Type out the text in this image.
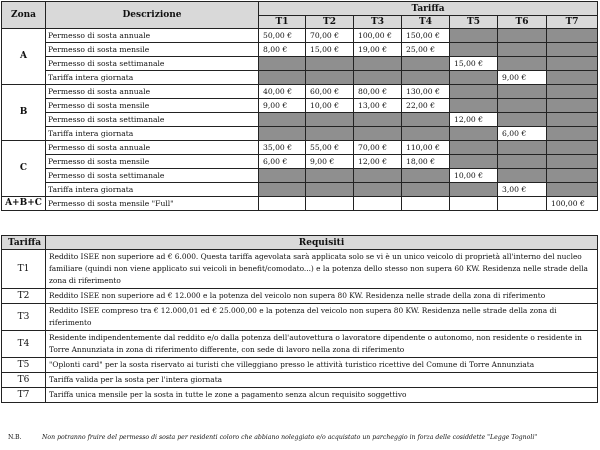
Zona	Descrizione	Tariffa						
		T1	T2	T3	T4	T5	T6	T7
A	Permesso di sosta annuale	50,00 €	70,00 €	100,00 €	150,00 €			
	Permesso di sosta mensile	8,00 €	15,00 €	19,00 €	25,00 €			
	Permesso di sosta settimanale					15,00 €		
	Tariffa intera giornata						9,00 €	
B	Permesso di sosta annuale	40,00 €	60,00 €	80,00 €	130,00 €			
	Permesso di sosta mensile	9,00 €	10,00 €	13,00 €	22,00 €			
	Permesso di sosta settimanale					12,00 €		
	Tariffa intera giornata						6,00 €	
C	Permesso di sosta annuale	35,00 €	55,00 €	70,00 €	110,00 €			
	Permesso di sosta mensile	6,00 €	9,00 €	12,00 €	18,00 €			
	Permesso di sosta settimanale					10,00 €		
	Tariffa intera giornata						3,00 €	
A+B+C	Permesso di sosta mensile "Full"							100,00 €

Tariffa	Requisiti
T1	Reddito ISEE non superiore ad € 6.000. Questa tariffa agevolata sarà applicata solo se vi è un unico veicolo di proprietà all'interno del nucleo familiare (quindi non viene applicato sui veicoli in benefit/comodato...) e la potenza dello stesso non supera 60 KW. Residenza nelle strade della zona di riferimento
T2	Reddito ISEE non superiore ad € 12.000 e la potenza del veicolo non supera 80 KW. Residenza nelle strade della zona di riferimento
T3	Reddito ISEE compreso tra € 12.000,01 ed € 25.000,00 e la potenza del veicolo non supera 80 KW. Residenza nelle strade della zona di riferimento
T4	Residente indipendentemente dal reddito e/o dalla potenza dell'autovettura o lavoratore dipendente o autonomo, non residente o residente in Torre Annunziata in zona di riferimento differente, con sede di lavoro nella zona di riferimento
T5	"Oplonti card" per la sosta riservato ai turisti che villeggiano presso le attività turistico ricettive del Comune di Torre Annunziata
T6	Tariffa valida per la sosta per l'intera giornata
T7	Tariffa unica mensile per la sosta in tutte le zone a pagamento senza alcun requisito soggettivo
N.B.	Non potranno fruire del permesso di sosta per residenti coloro che abbiano noleggiato e/o acquistato un parcheggio in forza delle cosiddette "Legge Tognoli"
